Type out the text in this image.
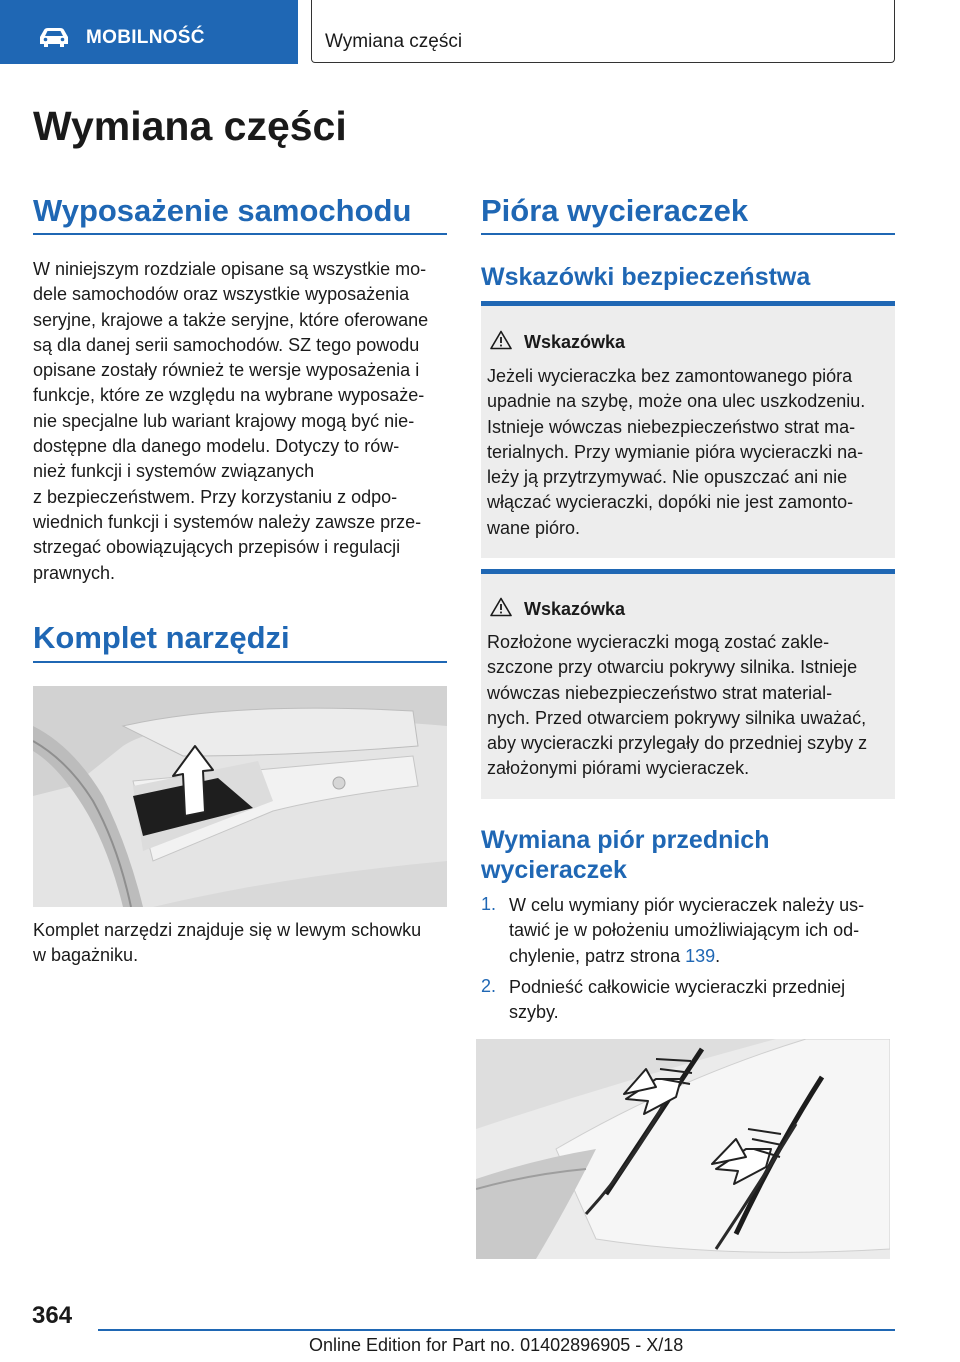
MOBILNOŚĆ	Wymiana części
Wymiana części
Wyposażenie samochodu
W niniejszym rozdziale opisane są wszystkie mo‐
dele samochodów oraz wszystkie wyposażenia
seryjne, krajowe a także seryjne, które oferowane
są dla danej serii samochodów. SZ tego powodu
opisane zostały również te wersje wyposażenia i
funkcje, które ze względu na wybrane wyposaże‐
nie specjalne lub wariant krajowy mogą być nie‐
dostępne dla danego modelu. Dotyczy to rów‐
nież funkcji i systemów związanych
z bezpieczeństwem. Przy korzystaniu z odpo‐
wiednich funkcji i systemów należy zawsze prze‐
strzegać obowiązujących przepisów i regulacji
prawnych.
Komplet narzędzi
Komplet narzędzi znajduje się w lewym schowku
w bagażniku.
Pióra wycieraczek
Wskazówki bezpieczeństwa
Wskazówka
Jeżeli wycieraczka bez zamontowanego pióra
upadnie na szybę, może ona ulec uszkodzeniu.
Istnieje wówczas niebezpieczeństwo strat ma‐
terialnych. Przy wymianie pióra wycieraczki na‐
leży ją przytrzymywać. Nie opuszczać ani nie
włączać wycieraczki, dopóki nie jest zamonto‐
wane pióro.
Wskazówka
Rozłożone wycieraczki mogą zostać zakle‐
szczone przy otwarciu pokrywy silnika. Istnieje
wówczas niebezpieczeństwo strat material‐
nych. Przed otwarciem pokrywy silnika uważać,
aby wycieraczki przylegały do przedniej szyby z
założonymi piórami wycieraczek.
Wymiana piór przednich
wycieraczek
1. W celu wymiany piór wycieraczek należy us‐
tawić je w położeniu umożliwiającym ich od‐
chylenie, patrz strona 139.
2. Podnieść całkowicie wycieraczki przedniej
szyby.
364
Online Edition for Part no. 01402896905 - X/18
